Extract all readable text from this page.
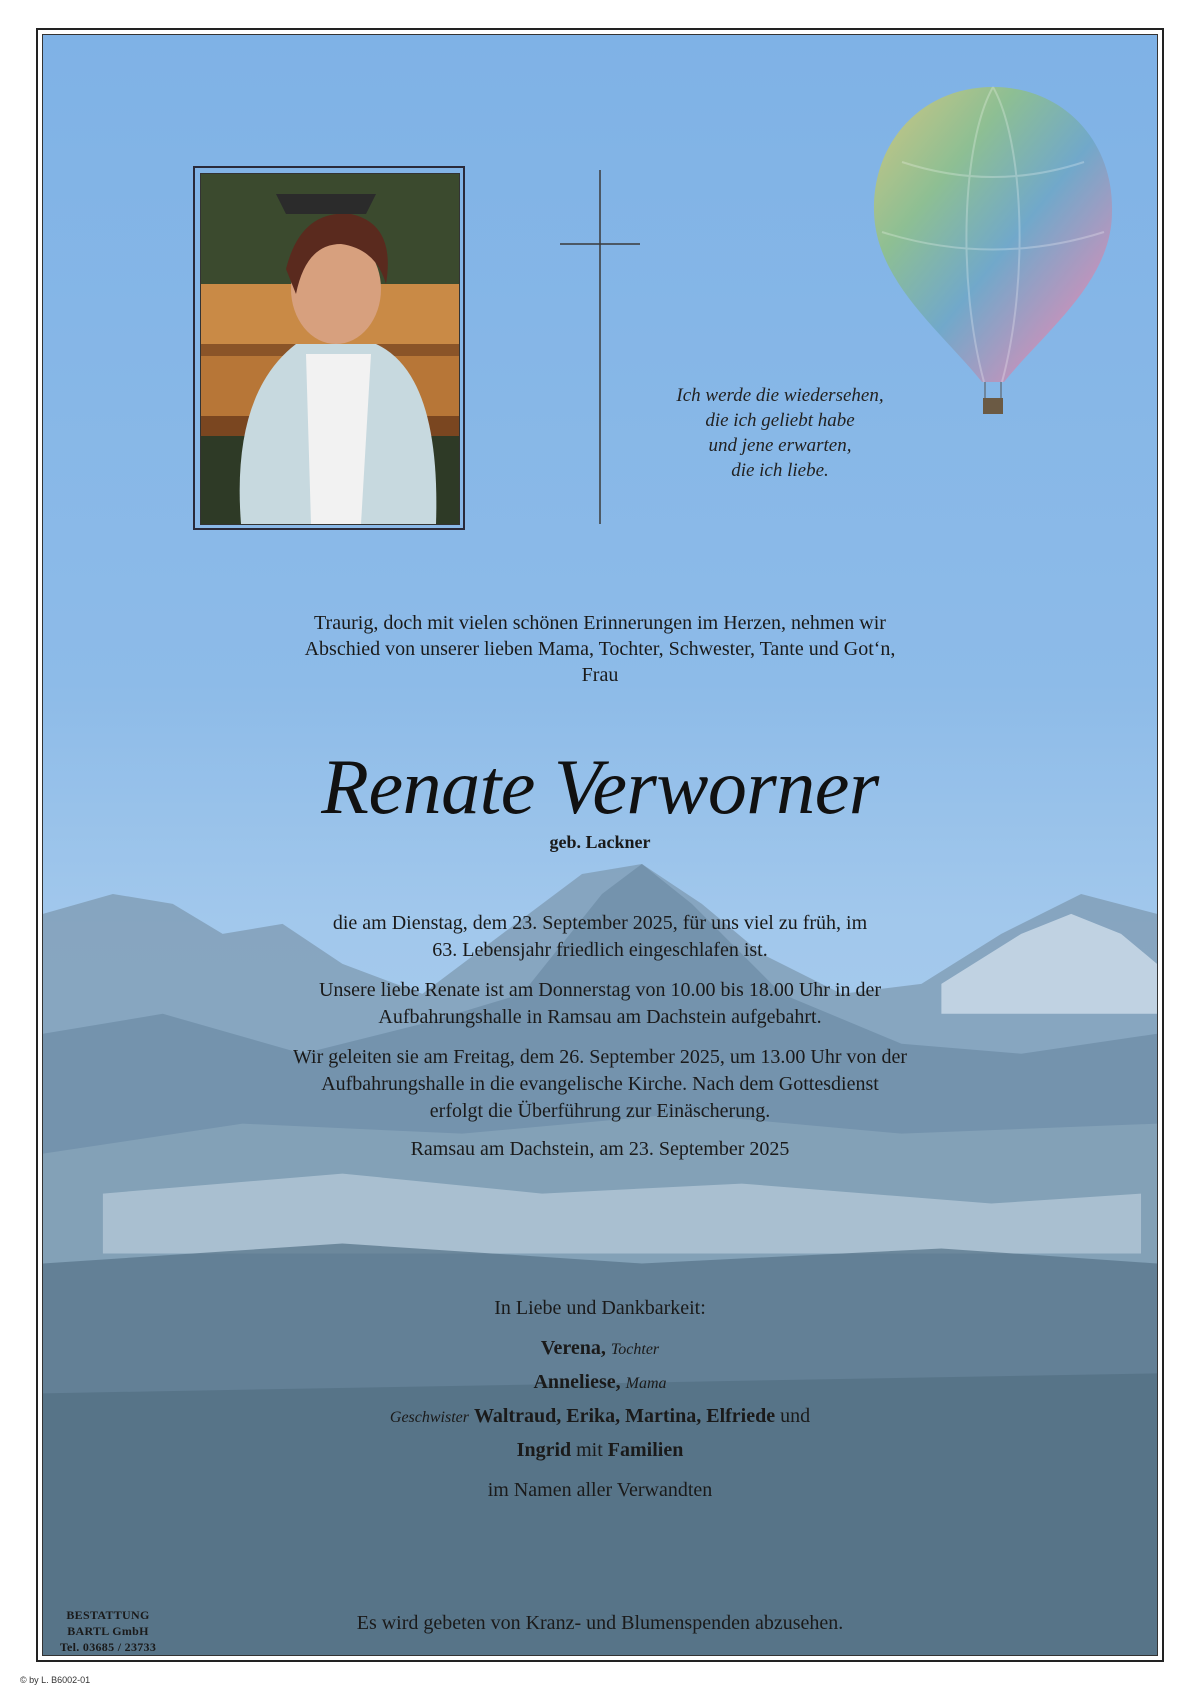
Ich werde die wiedersehen,
die ich geliebt habe
und jene erwarten,
die ich liebe.
Traurig, doch mit vielen schönen Erinnerungen im Herzen, nehmen wir
Abschied von unserer lieben Mama, Tochter, Schwester, Tante und Got‘n,
Frau
Renate Verworner
geb. Lackner
die am Dienstag, dem 23. September 2025, für uns viel zu früh, im
63. Lebensjahr friedlich eingeschlafen ist.
Unsere liebe Renate ist am Donnerstag von 10.00 bis 18.00 Uhr in der
Aufbahrungshalle in Ramsau am Dachstein aufgebahrt.
Wir geleiten sie am Freitag, dem 26. September 2025, um 13.00 Uhr von der
Aufbahrungshalle in die evangelische Kirche. Nach dem Gottesdienst
erfolgt die Überführung zur Einäscherung.
Ramsau am Dachstein, am 23. September 2025
In Liebe und Dankbarkeit:
Verena, Tochter
Anneliese, Mama
Geschwister Waltraud, Erika, Martina, Elfriede und
Ingrid mit Familien
im Namen aller Verwandten
BESTATTUNG
BARTL GmbH
Tel. 03685 / 23733
Es wird gebeten von Kranz- und Blumenspenden abzusehen.
© by L. B6002-01
